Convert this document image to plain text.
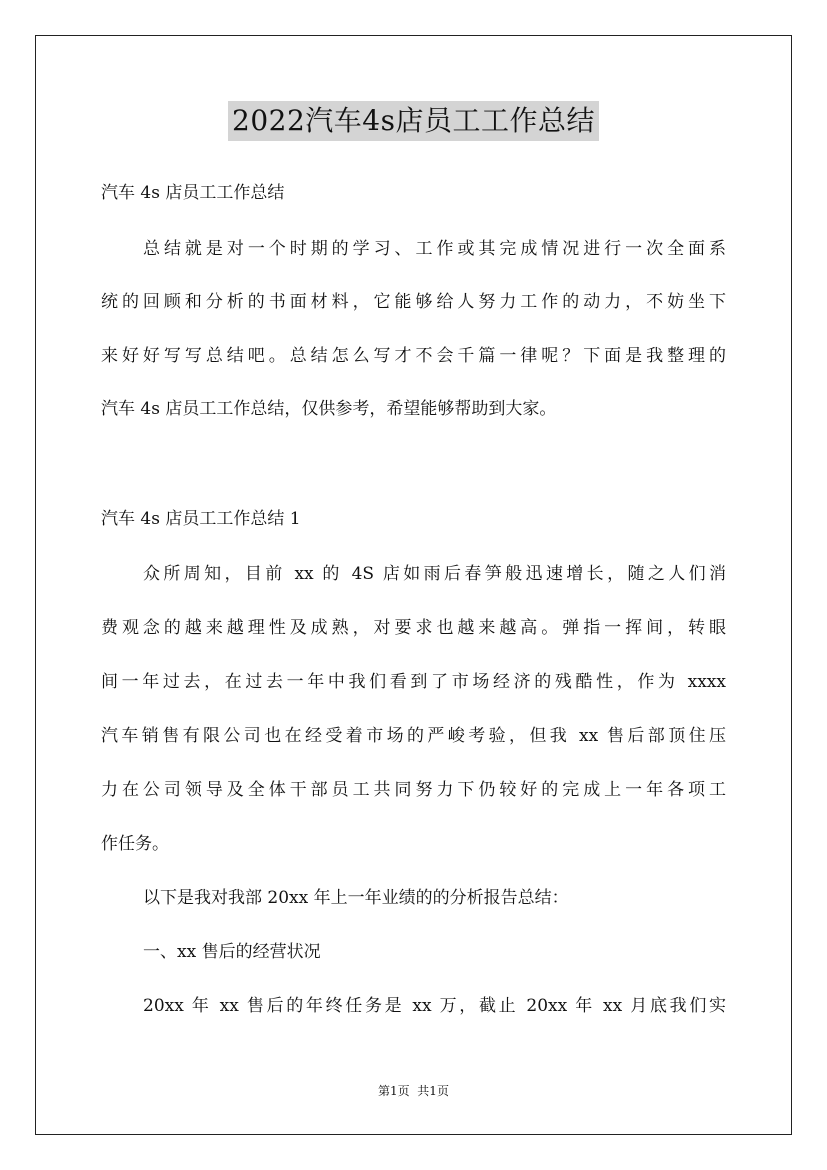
2022汽车4s店员工工作总结
汽车 4s 店员工工作总结
总结就是对一个时期的学习、工作或其完成情况进行一次全面系
统的回顾和分析的书面材料，它能够给人努力工作的动力，不妨坐下
来好好写写总结吧。总结怎么写才不会千篇一律呢？下面是我整理的
汽车 4s 店员工工作总结，仅供参考，希望能够帮助到大家。
汽车 4s 店员工工作总结 1
众所周知，目前 xx 的 4S 店如雨后春笋般迅速增长，随之人们消
费观念的越来越理性及成熟，对要求也越来越高。弹指一挥间，转眼
间一年过去，在过去一年中我们看到了市场经济的残酷性，作为 xxxx
汽车销售有限公司也在经受着市场的严峻考验，但我 xx 售后部顶住压
力在公司领导及全体干部员工共同努力下仍较好的完成上一年各项工
作任务。
以下是我对我部 20xx 年上一年业绩的的分析报告总结：
一、xx 售后的经营状况
20xx 年 xx 售后的年终任务是 xx 万，截止 20xx 年 xx 月底我们实
第1页  共1页
